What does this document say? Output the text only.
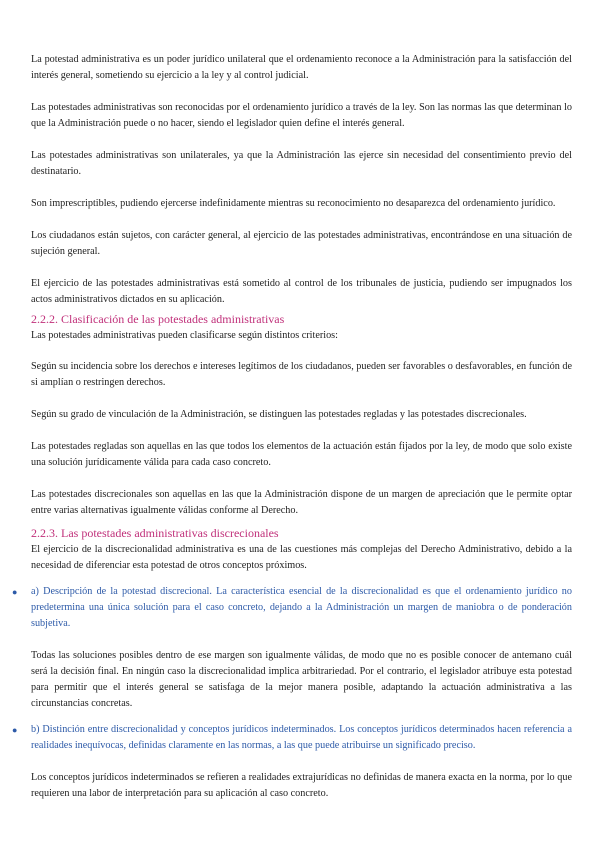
La potestad administrativa es un poder jurídico unilateral que el ordenamiento reconoce a la Administración para la satisfacción del interés general, sometiendo su ejercicio a la ley y al control judicial.

Las potestades administrativas son reconocidas por el ordenamiento jurídico a través de la ley. Son las normas las que determinan lo que la Administración puede o no hacer, siendo el legislador quien define el interés general.

Las potestades administrativas son unilaterales, ya que la Administración las ejerce sin necesidad del consentimiento previo del destinatario.

Son imprescriptibles, pudiendo ejercerse indefinidamente mientras su reconocimiento no desaparezca del ordenamiento jurídico.

Los ciudadanos están sujetos, con carácter general, al ejercicio de las potestades administrativas, encontrándose en una situación de sujeción general.

El ejercicio de las potestades administrativas está sometido al control de los tribunales de justicia, pudiendo ser impugnados los actos administrativos dictados en su aplicación.

2.2.2. Clasificación de las potestades administrativas

Las potestades administrativas pueden clasificarse según distintos criterios:

Según su incidencia sobre los derechos e intereses legítimos de los ciudadanos, pueden ser favorables o desfavorables, en función de si amplían o restringen derechos.

Según su grado de vinculación de la Administración, se distinguen las potestades regladas y las potestades discrecionales.

Las potestades regladas son aquellas en las que todos los elementos de la actuación están fijados por la ley, de modo que solo existe una solución jurídicamente válida para cada caso concreto.

Las potestades discrecionales son aquellas en las que la Administración dispone de un margen de apreciación que le permite optar entre varias alternativas igualmente válidas conforme al Derecho.

2.2.3. Las potestades administrativas discrecionales

El ejercicio de la discrecionalidad administrativa es una de las cuestiones más complejas del Derecho Administrativo, debido a la necesidad de diferenciar esta potestad de otros conceptos próximos.

● a) Descripción de la potestad discrecional. La característica esencial de la discrecionalidad es que el ordenamiento jurídico no predetermina una única solución para el caso concreto, dejando a la Administración un margen de maniobra o de ponderación subjetiva.

Todas las soluciones posibles dentro de ese margen son igualmente válidas, de modo que no es posible conocer de antemano cuál será la decisión final. En ningún caso la discrecionalidad implica arbitrariedad. Por el contrario, el legislador atribuye esta potestad para permitir que el interés general se satisfaga de la mejor manera posible, adaptando la actuación administrativa a las circunstancias concretas.

● b) Distinción entre discrecionalidad y conceptos jurídicos indeterminados. Los conceptos jurídicos determinados hacen referencia a realidades inequívocas, definidas claramente en las normas, a las que puede atribuirse un significado preciso.

Los conceptos jurídicos indeterminados se refieren a realidades extrajurídicas no definidas de manera exacta en la norma, por lo que requieren una labor de interpretación para su aplicación al caso concreto.
